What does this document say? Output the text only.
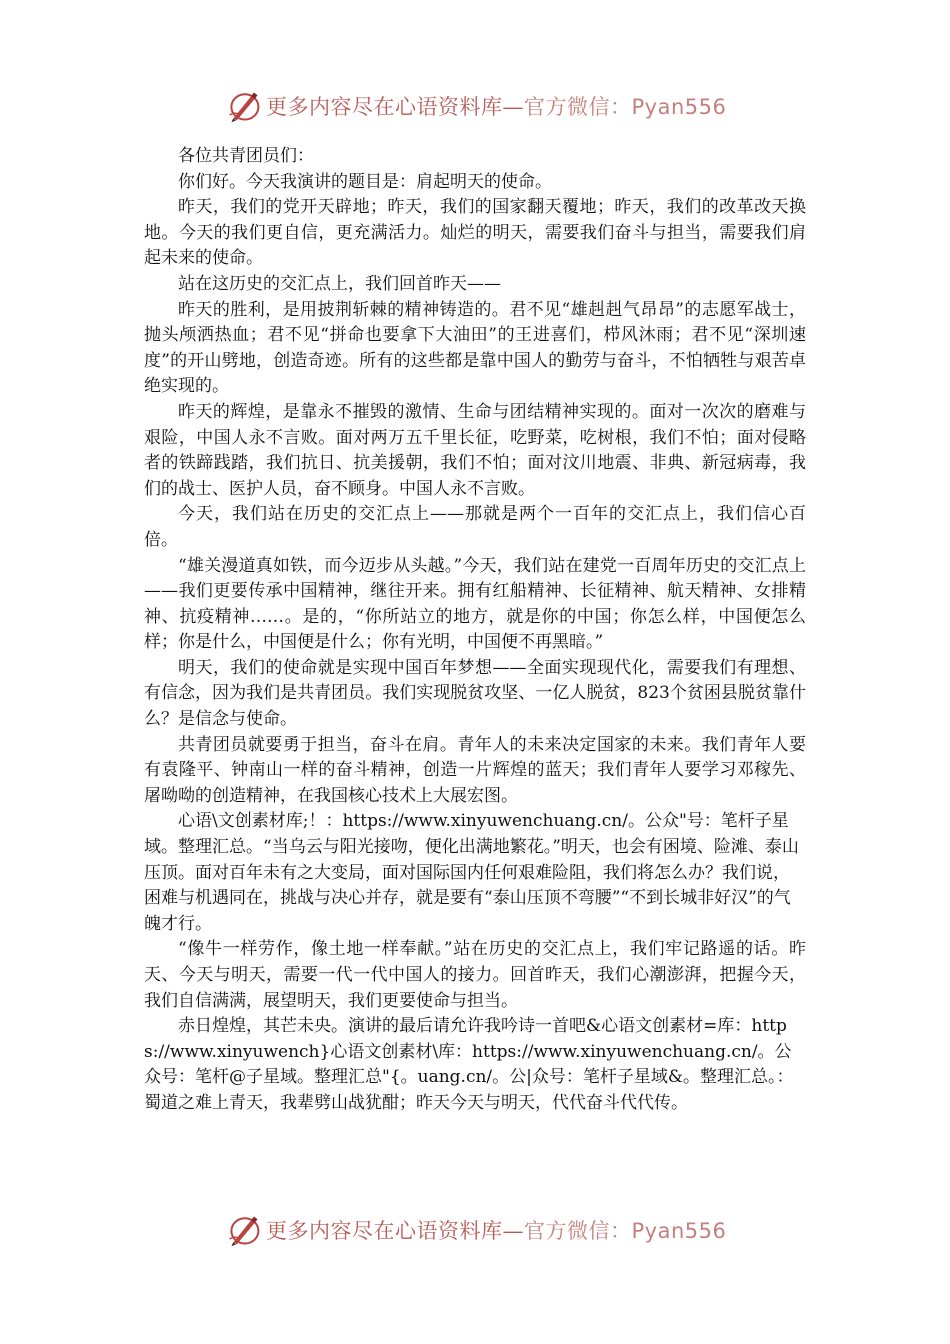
更多内容尽在心语资料库—官方微信：Pyan556

各位共青团员们：

你们好。今天我演讲的题目是：肩起明天的使命。

昨天，我们的党开天辟地；昨天，我们的国家翻天覆地；昨天，我们的改革改天换地。今天的我们更自信，更充满活力。灿烂的明天，需要我们奋斗与担当，需要我们肩起未来的使命。

站在这历史的交汇点上，我们回首昨天——

昨天的胜利，是用披荆斩棘的精神铸造的。君不见“雄赳赳气昂昂”的志愿军战士，抛头颅洒热血；君不见“拼命也要拿下大油田”的王进喜们，栉风沐雨；君不见“深圳速度”的开山劈地，创造奇迹。所有的这些都是靠中国人的勤劳与奋斗，不怕牺牲与艰苦卓绝实现的。

昨天的辉煌，是靠永不摧毁的激情、生命与团结精神实现的。面对一次次的磨难与艰险，中国人永不言败。面对两万五千里长征，吃野菜，吃树根，我们不怕；面对侵略者的铁蹄践踏，我们抗日、抗美援朝，我们不怕；面对汶川地震、非典、新冠病毒，我们的战士、医护人员，奋不顾身。中国人永不言败。

今天，我们站在历史的交汇点上——那就是两个一百年的交汇点上，我们信心百倍。

“雄关漫道真如铁，而今迈步从头越。”今天，我们站在建党一百周年历史的交汇点上——我们更要传承中国精神，继往开来。拥有红船精神、长征精神、航天精神、女排精神、抗疫精神……。是的，“你所站立的地方，就是你的中国；你怎么样，中国便怎么样；你是什么，中国便是什么；你有光明，中国便不再黑暗。”

明天，我们的使命就是实现中国百年梦想——全面实现现代化，需要我们有理想、有信念，因为我们是共青团员。我们实现脱贫攻坚、一亿人脱贫，823个贫困县脱贫靠什么？是信念与使命。

共青团员就要勇于担当，奋斗在肩。青年人的未来决定国家的未来。我们青年人要有袁隆平、钟南山一样的奋斗精神，创造一片辉煌的蓝天；我们青年人要学习邓稼先、屠呦呦的创造精神，在我国核心技术上大展宏图。

心语\文创素材库;！：https://www.xinyuwenchuang.cn/。公众"号：笔杆子星域。整理汇总。“当乌云与阳光接吻，便化出满地繁花。”明天，也会有困境、险滩、泰山压顶。面对百年未有之大变局，面对国际国内任何艰难险阻，我们将怎么办？我们说，困难与机遇同在，挑战与决心并存，就是要有“泰山压顶不弯腰”“不到长城非好汉”的气魄才行。

“像牛一样劳作，像土地一样奉献。”站在历史的交汇点上，我们牢记路遥的话。昨天、今天与明天，需要一代一代中国人的接力。回首昨天，我们心潮澎湃，把握今天，我们自信满满，展望明天，我们更要使命与担当。

赤日煌煌，其芒未央。演讲的最后请允许我吟诗一首吧&心语文创素材=库：https://www.xinyuwench}心语文创素材\库：https://www.xinyuwenchuang.cn/。公众号：笔杆@子星域。整理汇总"{。uang.cn/。公|众号：笔杆子星域&。整理汇总。：蜀道之难上青天，我辈劈山战犹酣；昨天今天与明天，代代奋斗代代传。

更多内容尽在心语资料库—官方微信：Pyan556
